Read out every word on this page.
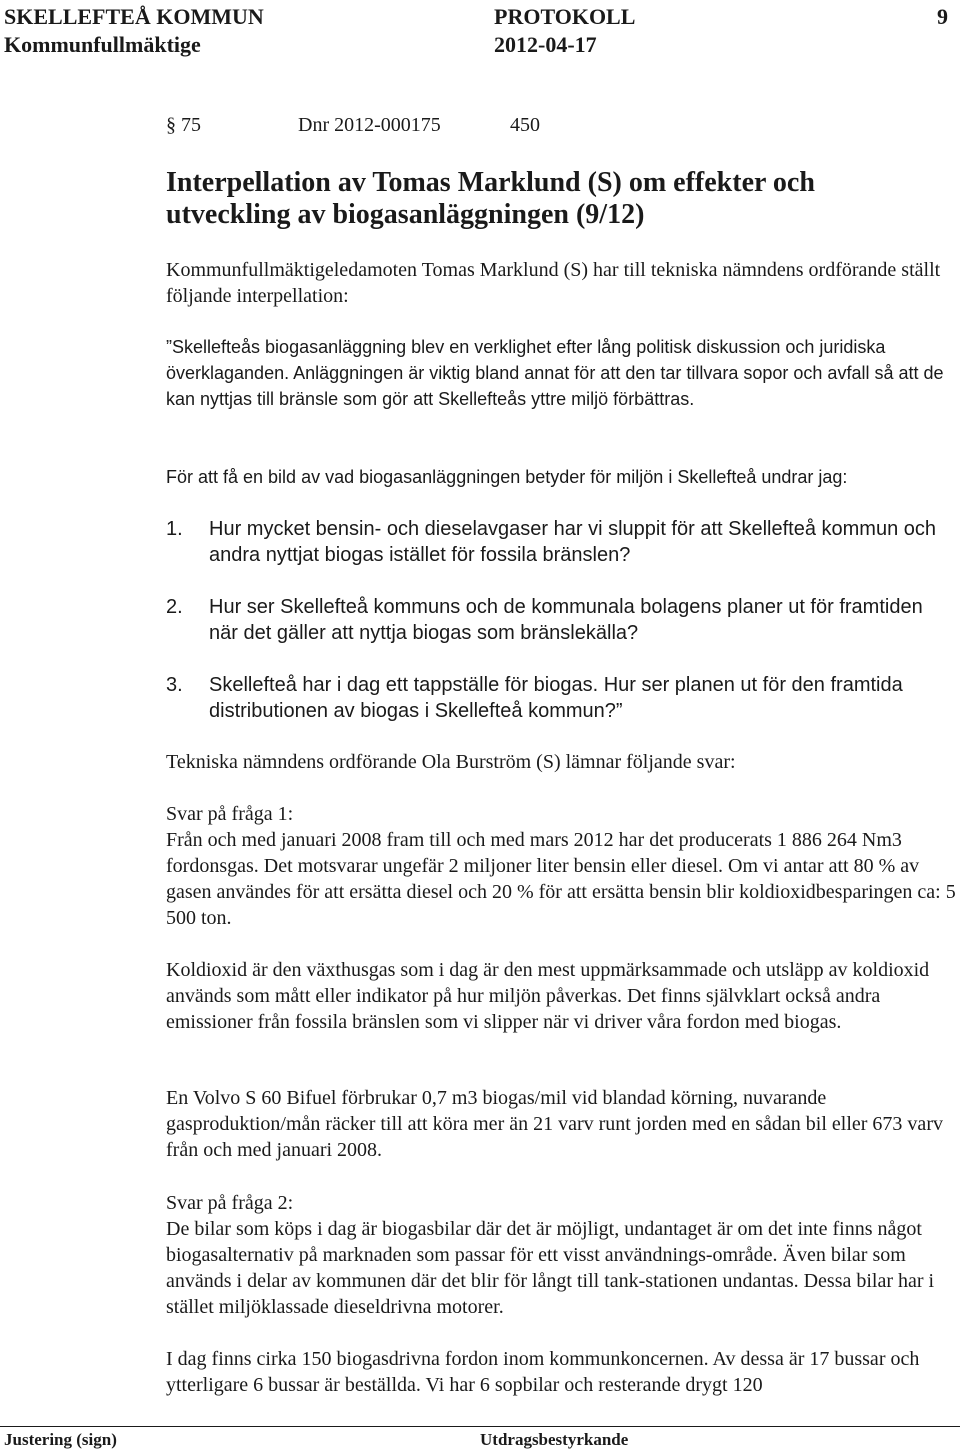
SKELLEFTEÅ KOMMUN
Kommunfullmäktige
PROTOKOLL
2012-04-17
9
§ 75	Dnr 2012-000175	450
Interpellation av Tomas Marklund (S) om effekter och utveckling av biogasanläggningen (9/12)

Kommunfullmäktigeledamoten Tomas Marklund (S) har till tekniska nämndens ordförande ställt följande interpellation:

”Skellefteås biogasanläggning blev en verklighet efter lång politisk diskussion och juridiska överklaganden. Anläggningen är viktig bland annat för att den tar tillvara sopor och avfall så att de kan nyttjas till bränsle som gör att Skellefteås yttre miljö förbättras.

För att få en bild av vad biogasanläggningen betyder för miljön i Skellefteå undrar jag:

1. Hur mycket bensin- och dieselavgaser har vi sluppit för att Skellefteå kommun och andra nyttjat biogas istället för fossila bränslen?
2. Hur ser Skellefteå kommuns och de kommunala bolagens planer ut för framtiden när det gäller att nyttja biogas som bränslekälla?
3. Skellefteå har i dag ett tappställe för biogas. Hur ser planen ut för den framtida distributionen av biogas i Skellefteå kommun?”

Tekniska nämndens ordförande Ola Burström (S) lämnar följande svar:

Svar på fråga 1:

Från och med januari 2008 fram till och med mars 2012 har det producerats 1 886 264 Nm3 fordonsgas. Det motsvarar ungefär 2 miljoner liter bensin eller diesel. Om vi antar att 80 % av gasen användes för att ersätta diesel och 20 % för att ersätta bensin blir koldioxidbesparingen ca: 5 500 ton.

Koldioxid är den växthusgas som i dag är den mest uppmärksammade och utsläpp av koldioxid används som mått eller indikator på hur miljön påverkas. Det finns självklart också andra emissioner från fossila bränslen som vi slipper när vi driver våra fordon med biogas.

En Volvo S 60 Bifuel förbrukar 0,7 m3 biogas/mil vid blandad körning, nuvarande gasproduktion/mån räcker till att köra mer än 21 varv runt jorden med en sådan bil eller 673 varv från och med januari 2008.

Svar på fråga 2:

De bilar som köps i dag är biogasbilar där det är möjligt, undantaget är om det inte finns något biogasalternativ på marknaden som passar för ett visst användnings-område. Även bilar som används i delar av kommunen där det blir för långt till tank-stationen undantas. Dessa bilar har i stället miljöklassade dieseldrivna motorer.

I dag finns cirka 150 biogasdrivna fordon inom kommunkoncernen. Av dessa är 17 bussar och ytterligare 6 bussar är beställda. Vi har 6 sopbilar och resterande drygt 120

Justering (sign)	Utdragsbestyrkande
